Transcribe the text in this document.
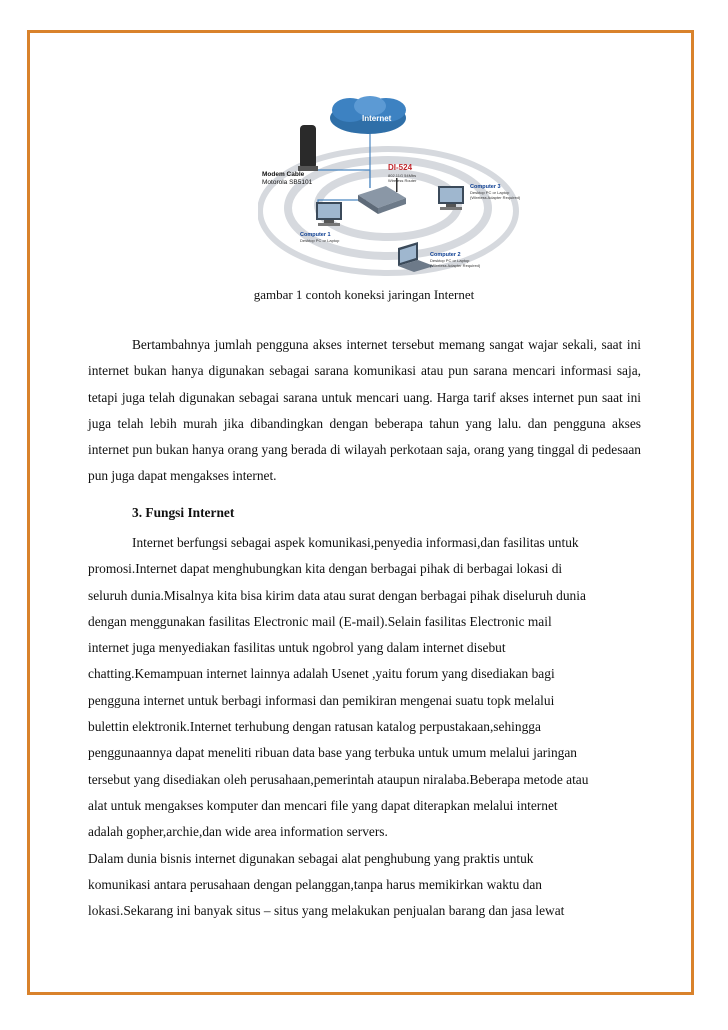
Internet
Modem Cable
Motorola SB5101
DI-524
802.11G 54Mbs
Wireless Router
Computer 1
Desktop PC or Laptop
Computer 3
Desktop PC or Laptop
(Wireless Adapter Required)
Computer 2
Desktop PC or Laptop
(Wireless Adapter Required)
gambar 1 contoh koneksi jaringan Internet

Bertambahnya jumlah pengguna akses internet tersebut memang sangat wajar sekali, saat ini internet bukan hanya digunakan sebagai sarana komunikasi atau pun sarana mencari informasi saja, tetapi juga telah digunakan sebagai sarana untuk mencari uang. Harga tarif akses internet pun saat ini juga telah lebih murah jika dibandingkan dengan beberapa tahun yang lalu. dan pengguna akses internet pun bukan hanya orang yang berada di wilayah perkotaan saja, orang yang tinggal di pedesaan pun juga dapat mengakses internet.

3. Fungsi Internet

Internet berfungsi sebagai aspek komunikasi,penyedia informasi,dan fasilitas untuk
promosi.Internet dapat menghubungkan kita dengan berbagai pihak di berbagai lokasi di
seluruh dunia.Misalnya kita bisa kirim data atau surat dengan berbagai pihak diseluruh dunia
dengan menggunakan fasilitas Electronic mail (E-mail).Selain fasilitas Electronic mail
internet juga menyediakan fasilitas untuk ngobrol yang dalam internet disebut
chatting.Kemampuan internet lainnya adalah Usenet ,yaitu forum yang disediakan bagi
pengguna internet untuk berbagi informasi dan pemikiran mengenai suatu topk melalui
bulettin elektronik.Internet terhubung dengan ratusan katalog perpustakaan,sehingga
penggunaannya dapat meneliti ribuan data base yang terbuka untuk umum melalui jaringan
tersebut yang disediakan oleh perusahaan,pemerintah ataupun niralaba.Beberapa metode atau
alat untuk mengakses komputer dan mencari file yang dapat diterapkan melalui internet
adalah gopher,archie,dan wide area information servers.
Dalam dunia bisnis internet digunakan sebagai alat penghubung yang praktis untuk
komunikasi antara perusahaan dengan pelanggan,tanpa harus memikirkan waktu dan
lokasi.Sekarang ini banyak situs – situs yang melakukan penjualan barang dan jasa lewat
